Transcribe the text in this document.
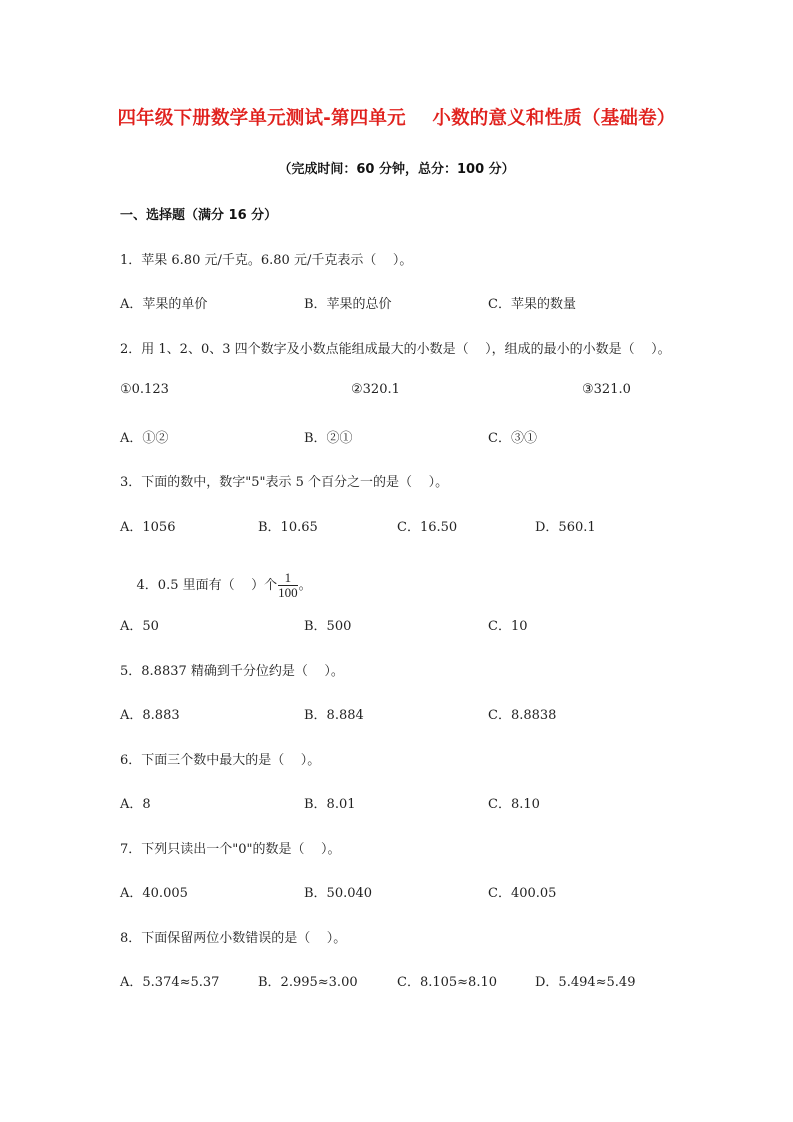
四年级下册数学单元测试-第四单元    小数的意义和性质（基础卷）
（完成时间：60 分钟，总分：100 分）
一、选择题（满分 16 分）
1．苹果 6.80 元/千克。6.80 元/千克表示（    ）。
A．苹果的单价	B．苹果的总价	C．苹果的数量
2．用 1、2、0、3 四个数字及小数点能组成最大的小数是（    ），组成的最小的小数是（    ）。
①0.123	②320.1	③321.0
A．①②	B．②①	C．③①
3．下面的数中，数字"5"表示 5 个百分之一的是（    ）。
A．1056	B．10.65	C．16.50	D．560.1

4．0.5 里面有（    ）个 $\frac{1}{100}$ 。

A．50	B．500	C．10
5．8.8837 精确到千分位约是（    ）。
A．8.883	B．8.884	C．8.8838
6．下面三个数中最大的是（    ）。
A．8	B．8.01	C．8.10
7．下列只读出一个"0"的数是（    ）。
A．40.005	B．50.040	C．400.05
8．下面保留两位小数错误的是（    ）。
A．5.374≈5.37	B．2.995≈3.00	C．8.105≈8.10	D．5.494≈5.49
